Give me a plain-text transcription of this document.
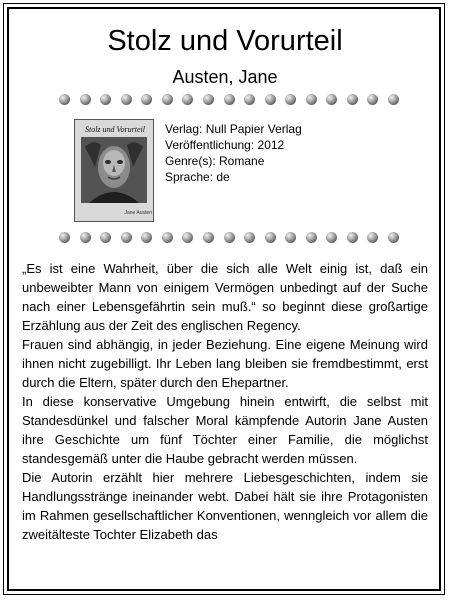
Stolz und Vorurteil
Austen, Jane
Stolz und Vorurteil
Jane Austen
Verlag: Null Papier Verlag
Veröffentlichung: 2012
Genre(s): Romane
Sprache: de

„Es ist eine Wahrheit, über die sich alle Welt einig ist, daß ein unbeweibter Mann von einigem Vermögen unbedingt auf der Suche nach einer Lebensgefährtin sein muß.“ so beginnt diese großartige Erzählung aus der Zeit des englischen Regency.

Frauen sind abhängig, in jeder Beziehung. Eine eigene Meinung wird ihnen nicht zugebilligt. Ihr Leben lang bleiben sie fremdbestimmt, erst durch die Eltern, später durch den Ehepartner.

In diese konservative Umgebung hinein entwirft, die selbst mit Standesdünkel und falscher Moral kämpfende Autorin Jane Austen ihre Geschichte um fünf Töchter einer Familie, die möglichst standesgemäß unter die Haube gebracht werden müssen.

Die Autorin erzählt hier mehrere Liebesgeschichten, indem sie Handlungsstränge ineinander webt. Dabei hält sie ihre Protagonisten im Rahmen gesellschaftlicher Konventionen, wenngleich vor allem die zweitälteste Tochter Elizabeth das
